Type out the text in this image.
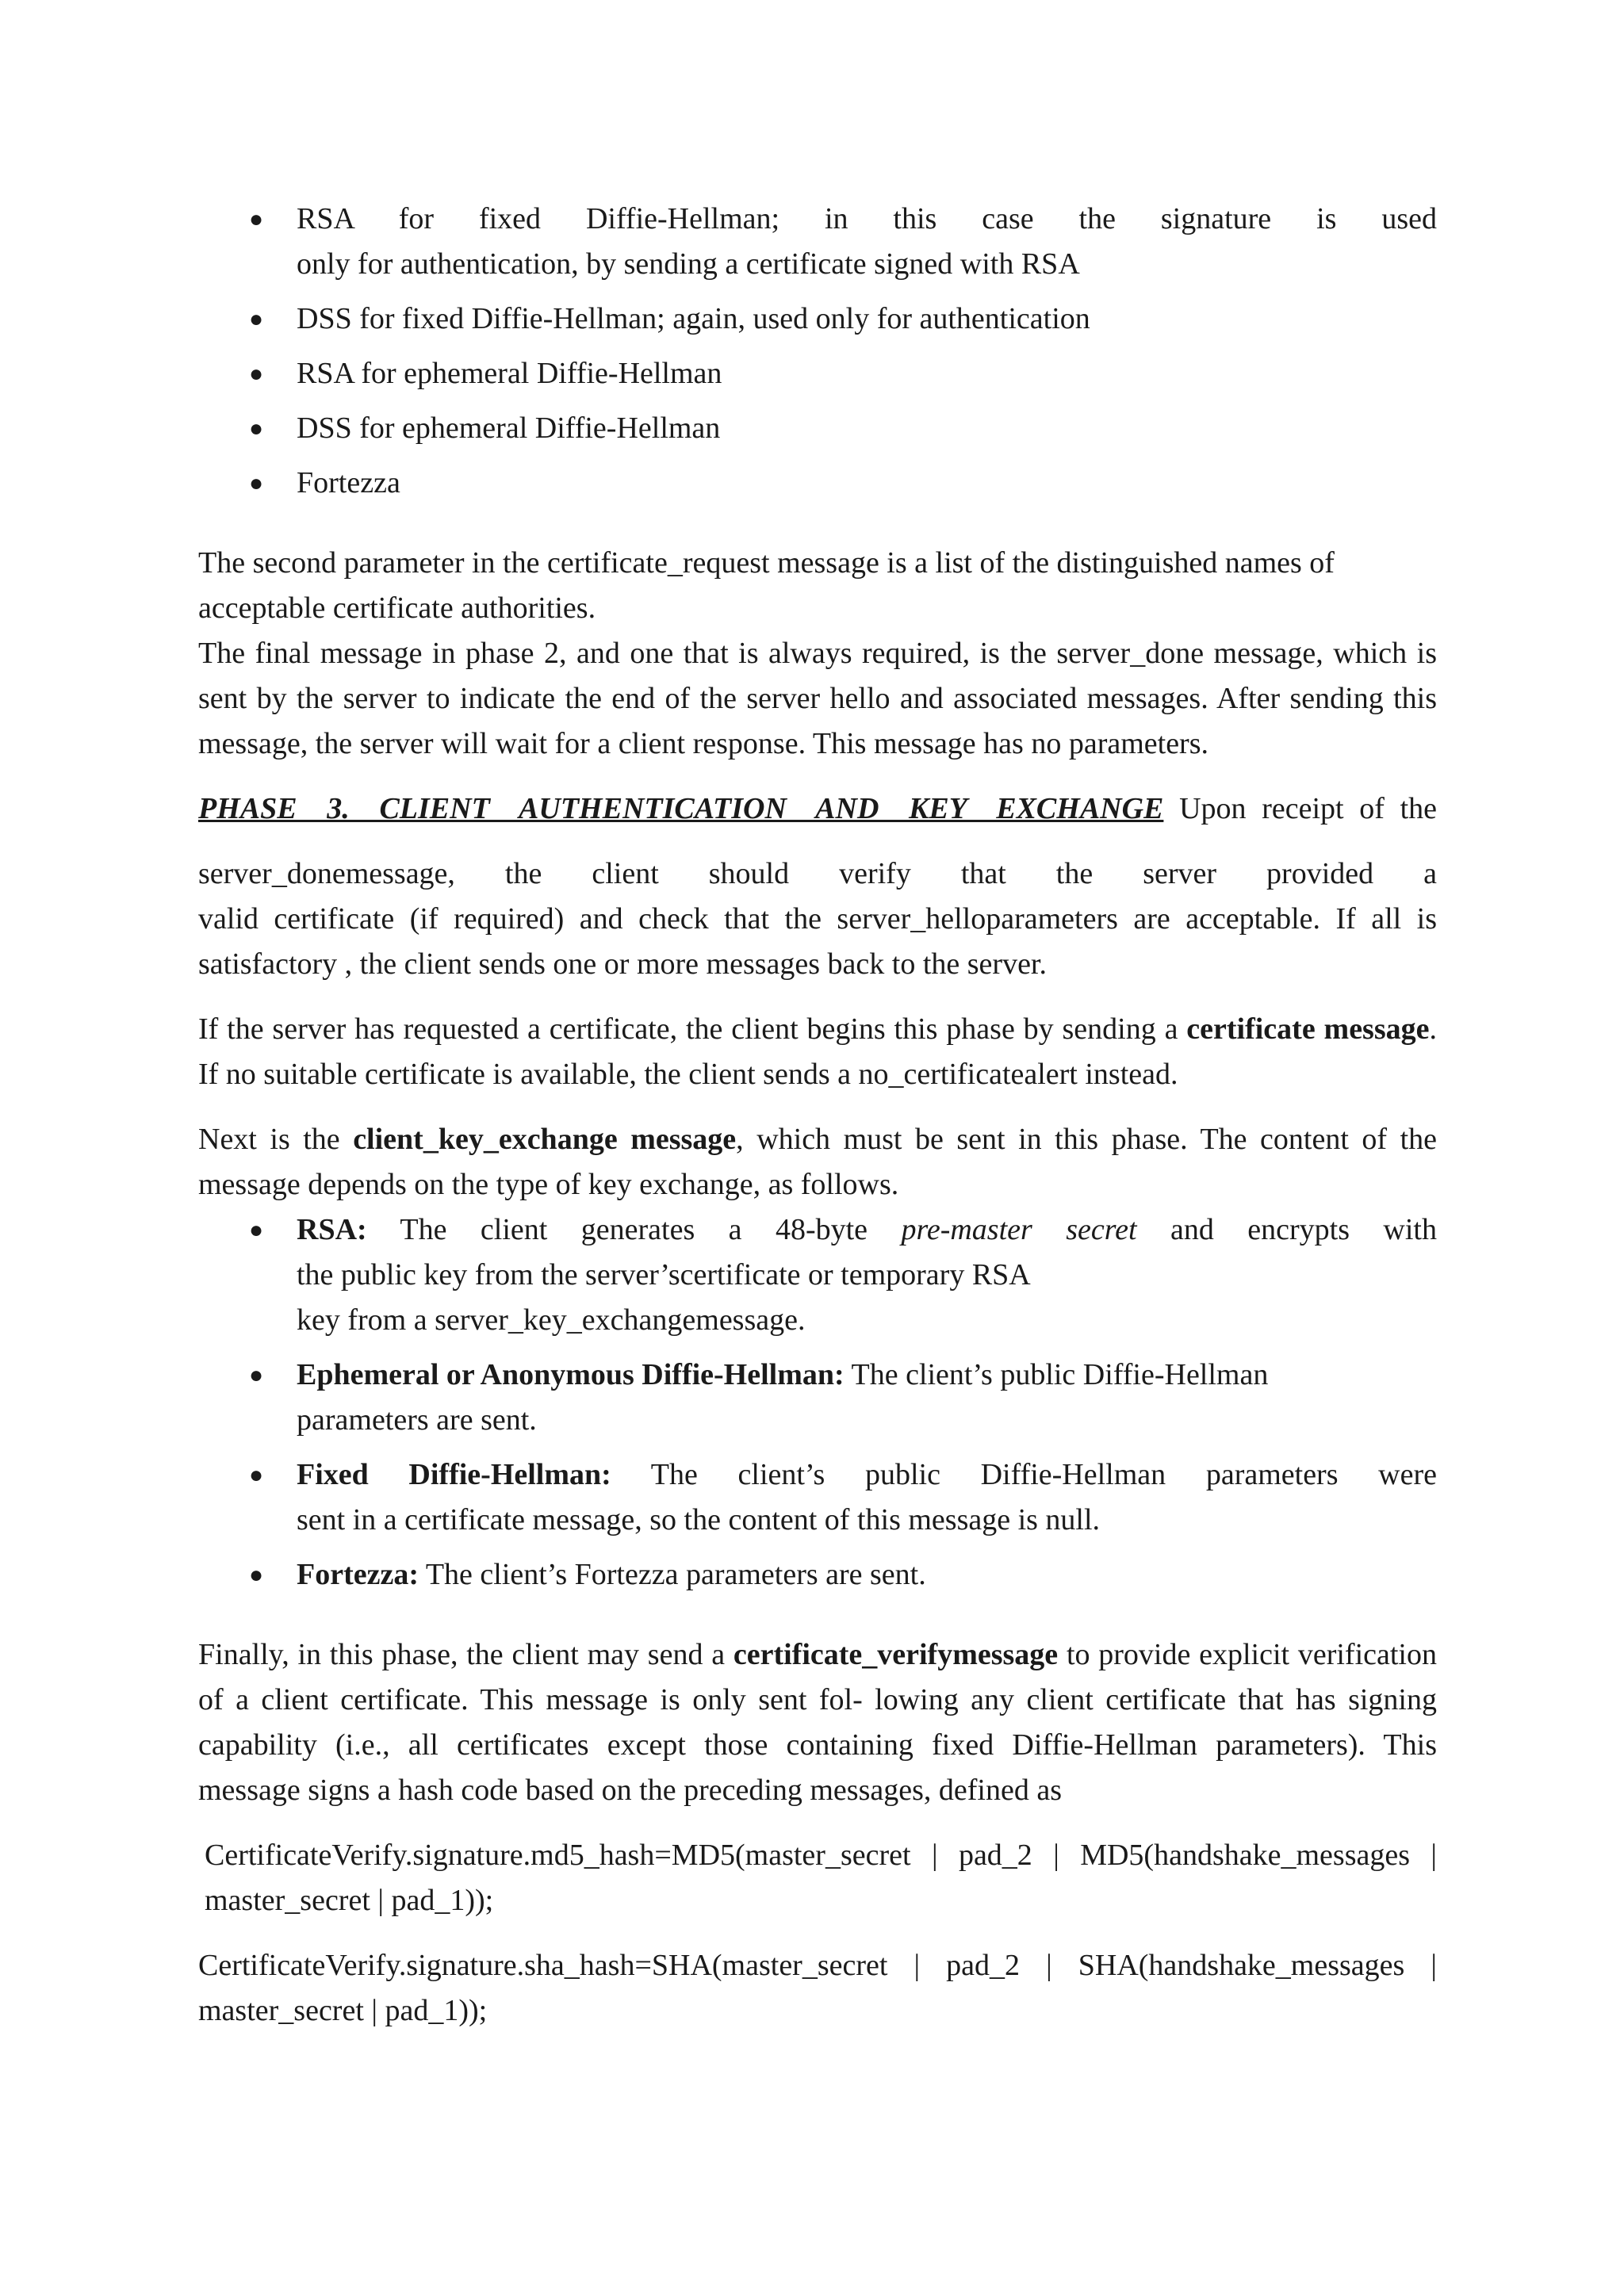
●	RSA for fixed Diffie-Hellman; in this case the signature is used
only for authentication, by sending a certificate signed with RSA
●	DSS for fixed Diffie-Hellman; again, used only for authentication
●	RSA for ephemeral Diffie-Hellman
●	DSS for ephemeral Diffie-Hellman
●	Fortezza

The second parameter in the certificate_request message is a list of the distinguished names of
acceptable certificate authorities.

The final message in phase 2, and one that is always required, is the server_done message, which is sent by the server to indicate the end of the server hello and associated messages. After sending this message, the server will wait for a client response. This message has no parameters.

PHASE 3. CLIENT AUTHENTICATION AND KEY EXCHANGE Upon receipt of the

server_donemessage, the client should verify that the server provided a
valid certificate (if required) and check that the server_helloparameters are acceptable. If all is satisfactory , the client sends one or more messages back to the server.

If the server has requested a certificate, the client begins this phase by sending a certificate message. If no suitable certificate is available, the client sends a no_certificatealert instead.

Next is the client_key_exchange message, which must be sent in this phase. The content of the message depends on the type of key exchange, as follows.

●	RSA: The client generates a 48-byte pre-master secret and encrypts with
the public key from the server’scertificate or temporary RSA
key from a server_key_exchangemessage.
●	Ephemeral or Anonymous Diffie-Hellman: The client’s public Diffie-Hellman
parameters are sent.
●	Fixed Diffie-Hellman: The client’s public Diffie-Hellman parameters were
sent in a certificate message, so the content of this message is null.
●	Fortezza: The client’s Fortezza parameters are sent.

Finally, in this phase, the client may send a certificate_verifymessage to provide explicit verification of a client certificate. This message is only sent fol- lowing any client certificate that has signing capability (i.e., all certificates except those containing fixed Diffie-Hellman parameters). This message signs a hash code based on the preceding messages, defined as

CertificateVerify.signature.md5_hash=MD5(master_secret | pad_2 | MD5(handshake_messages | master_secret | pad_1));

CertificateVerify.signature.sha_hash=SHA(master_secret | pad_2 | SHA(handshake_messages | master_secret | pad_1));
